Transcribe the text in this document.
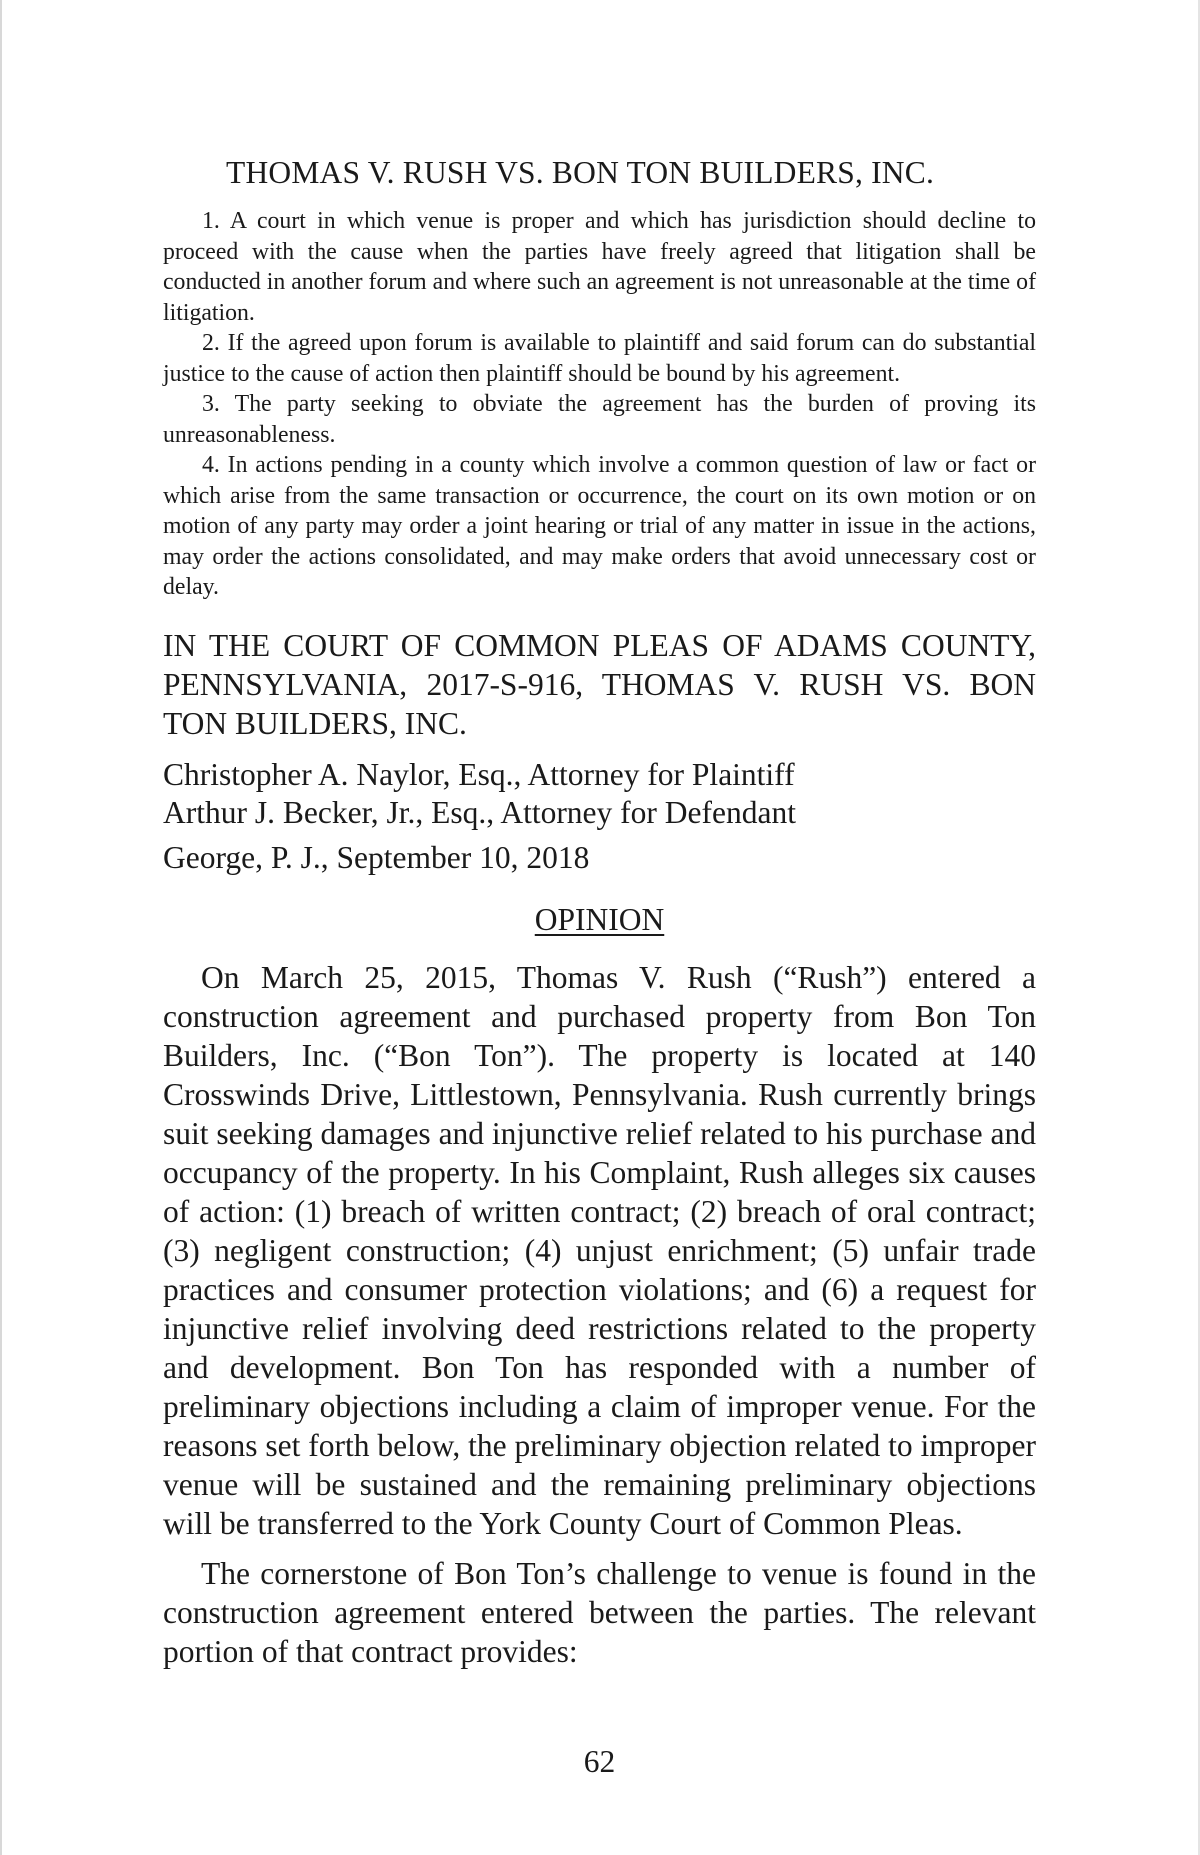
THOMAS V. RUSH VS. BON TON BUILDERS, INC.

1. A court in which venue is proper and which has jurisdiction should decline to proceed with the cause when the parties have freely agreed that litigation shall be conducted in another forum and where such an agreement is not unreasonable at the time of litigation.

2. If the agreed upon forum is available to plaintiff and said forum can do substantial justice to the cause of action then plaintiff should be bound by his agreement.

3. The party seeking to obviate the agreement has the burden of proving its unreasonableness.

4. In actions pending in a county which involve a common question of law or fact or which arise from the same transaction or occurrence, the court on its own motion or on motion of any party may order a joint hearing or trial of any matter in issue in the actions, may order the actions consolidated, and may make orders that avoid unnecessary cost or delay.

IN THE COURT OF COMMON PLEAS OF ADAMS COUNTY, PENNSYLVANIA, 2017-S-916, THOMAS V. RUSH VS. BON TON BUILDERS, INC.
Christopher A. Naylor, Esq., Attorney for Plaintiff
Arthur J. Becker, Jr., Esq., Attorney for Defendant
George, P. J., September 10, 2018
OPINION

On March 25, 2015, Thomas V. Rush (“Rush”) entered a construction agreement and purchased property from Bon Ton Builders, Inc. (“Bon Ton”). The property is located at 140 Crosswinds Drive, Littlestown, Pennsylvania. Rush currently brings suit seeking damages and injunctive relief related to his purchase and occupancy of the property. In his Complaint, Rush alleges six causes of action: (1) breach of written contract; (2) breach of oral contract; (3) negligent construction; (4) unjust enrichment; (5) unfair trade practices and consumer protection violations; and (6) a request for injunctive relief involving deed restrictions related to the property and development. Bon Ton has responded with a number of preliminary objections including a claim of improper venue. For the reasons set forth below, the preliminary objection related to improper venue will be sustained and the remaining preliminary objections will be transferred to the York County Court of Common Pleas.

The cornerstone of Bon Ton’s challenge to venue is found in the construction agreement entered between the parties. The relevant portion of that contract provides:

62
